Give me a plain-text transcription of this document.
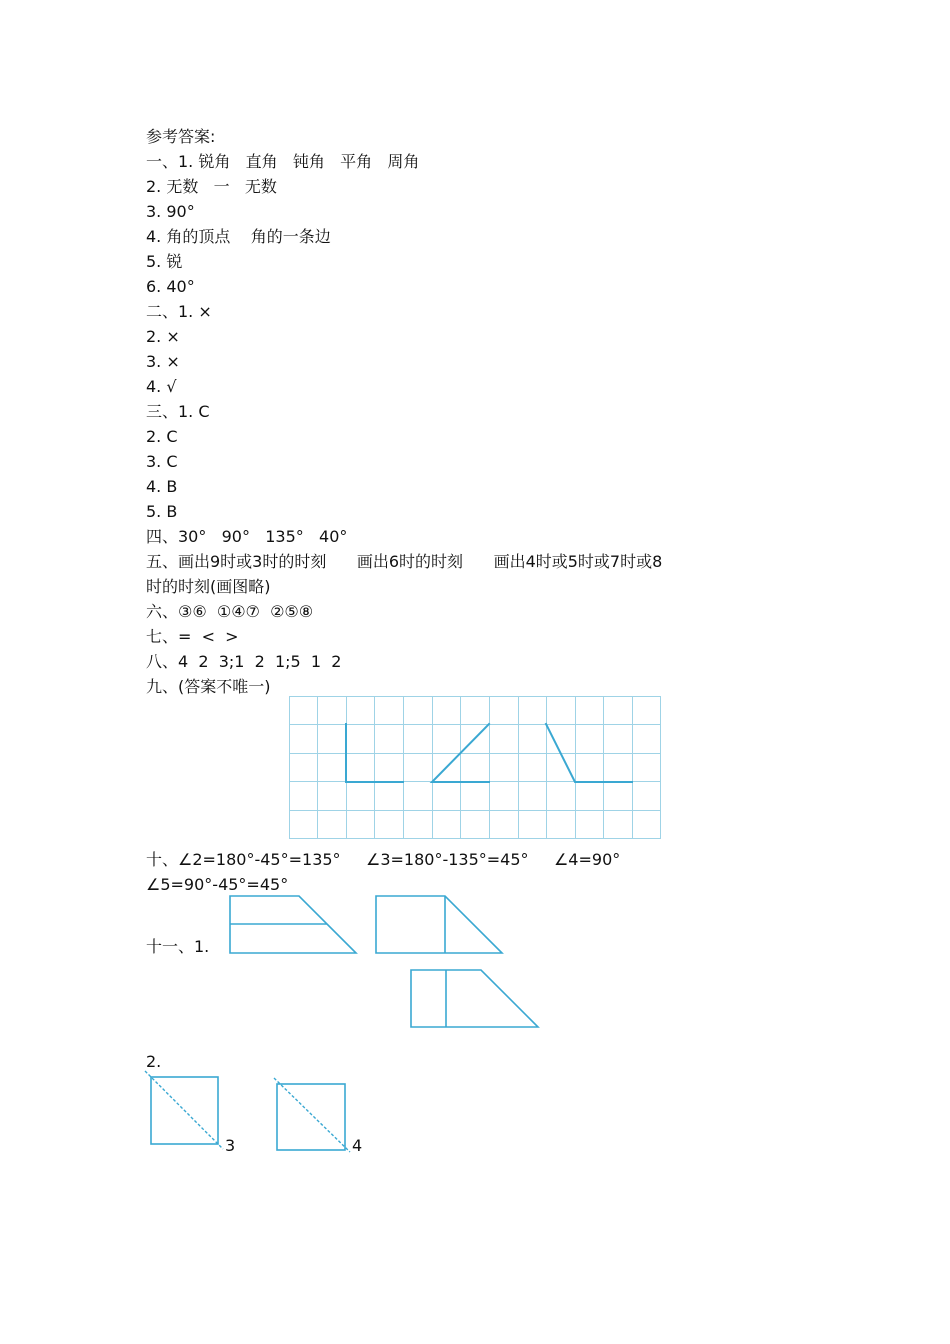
参考答案:
一、1. 锐角   直角   钝角   平角   周角
2. 无数   一   无数
3. 90°
4. 角的顶点    角的一条边
5. 锐
6. 40°
二、1. ×
2. ×
3. ×
4. √
三、1. C
2. C
3. C
4. B
5. B
四、30°   90°   135°   40°
五、画出9时或3时的时刻      画出6时的时刻      画出4时或5时或7时或8
时的时刻(画图略)
六、③⑥  ①④⑦  ②⑤⑧
七、=  <  >
八、4  2  3;1  2  1;5  1  2
九、(答案不唯一)
十、∠2=180°-45°=135°     ∠3=180°-135°=45°     ∠4=90°
∠5=90°-45°=45°
十一、1.
2.
3	4
